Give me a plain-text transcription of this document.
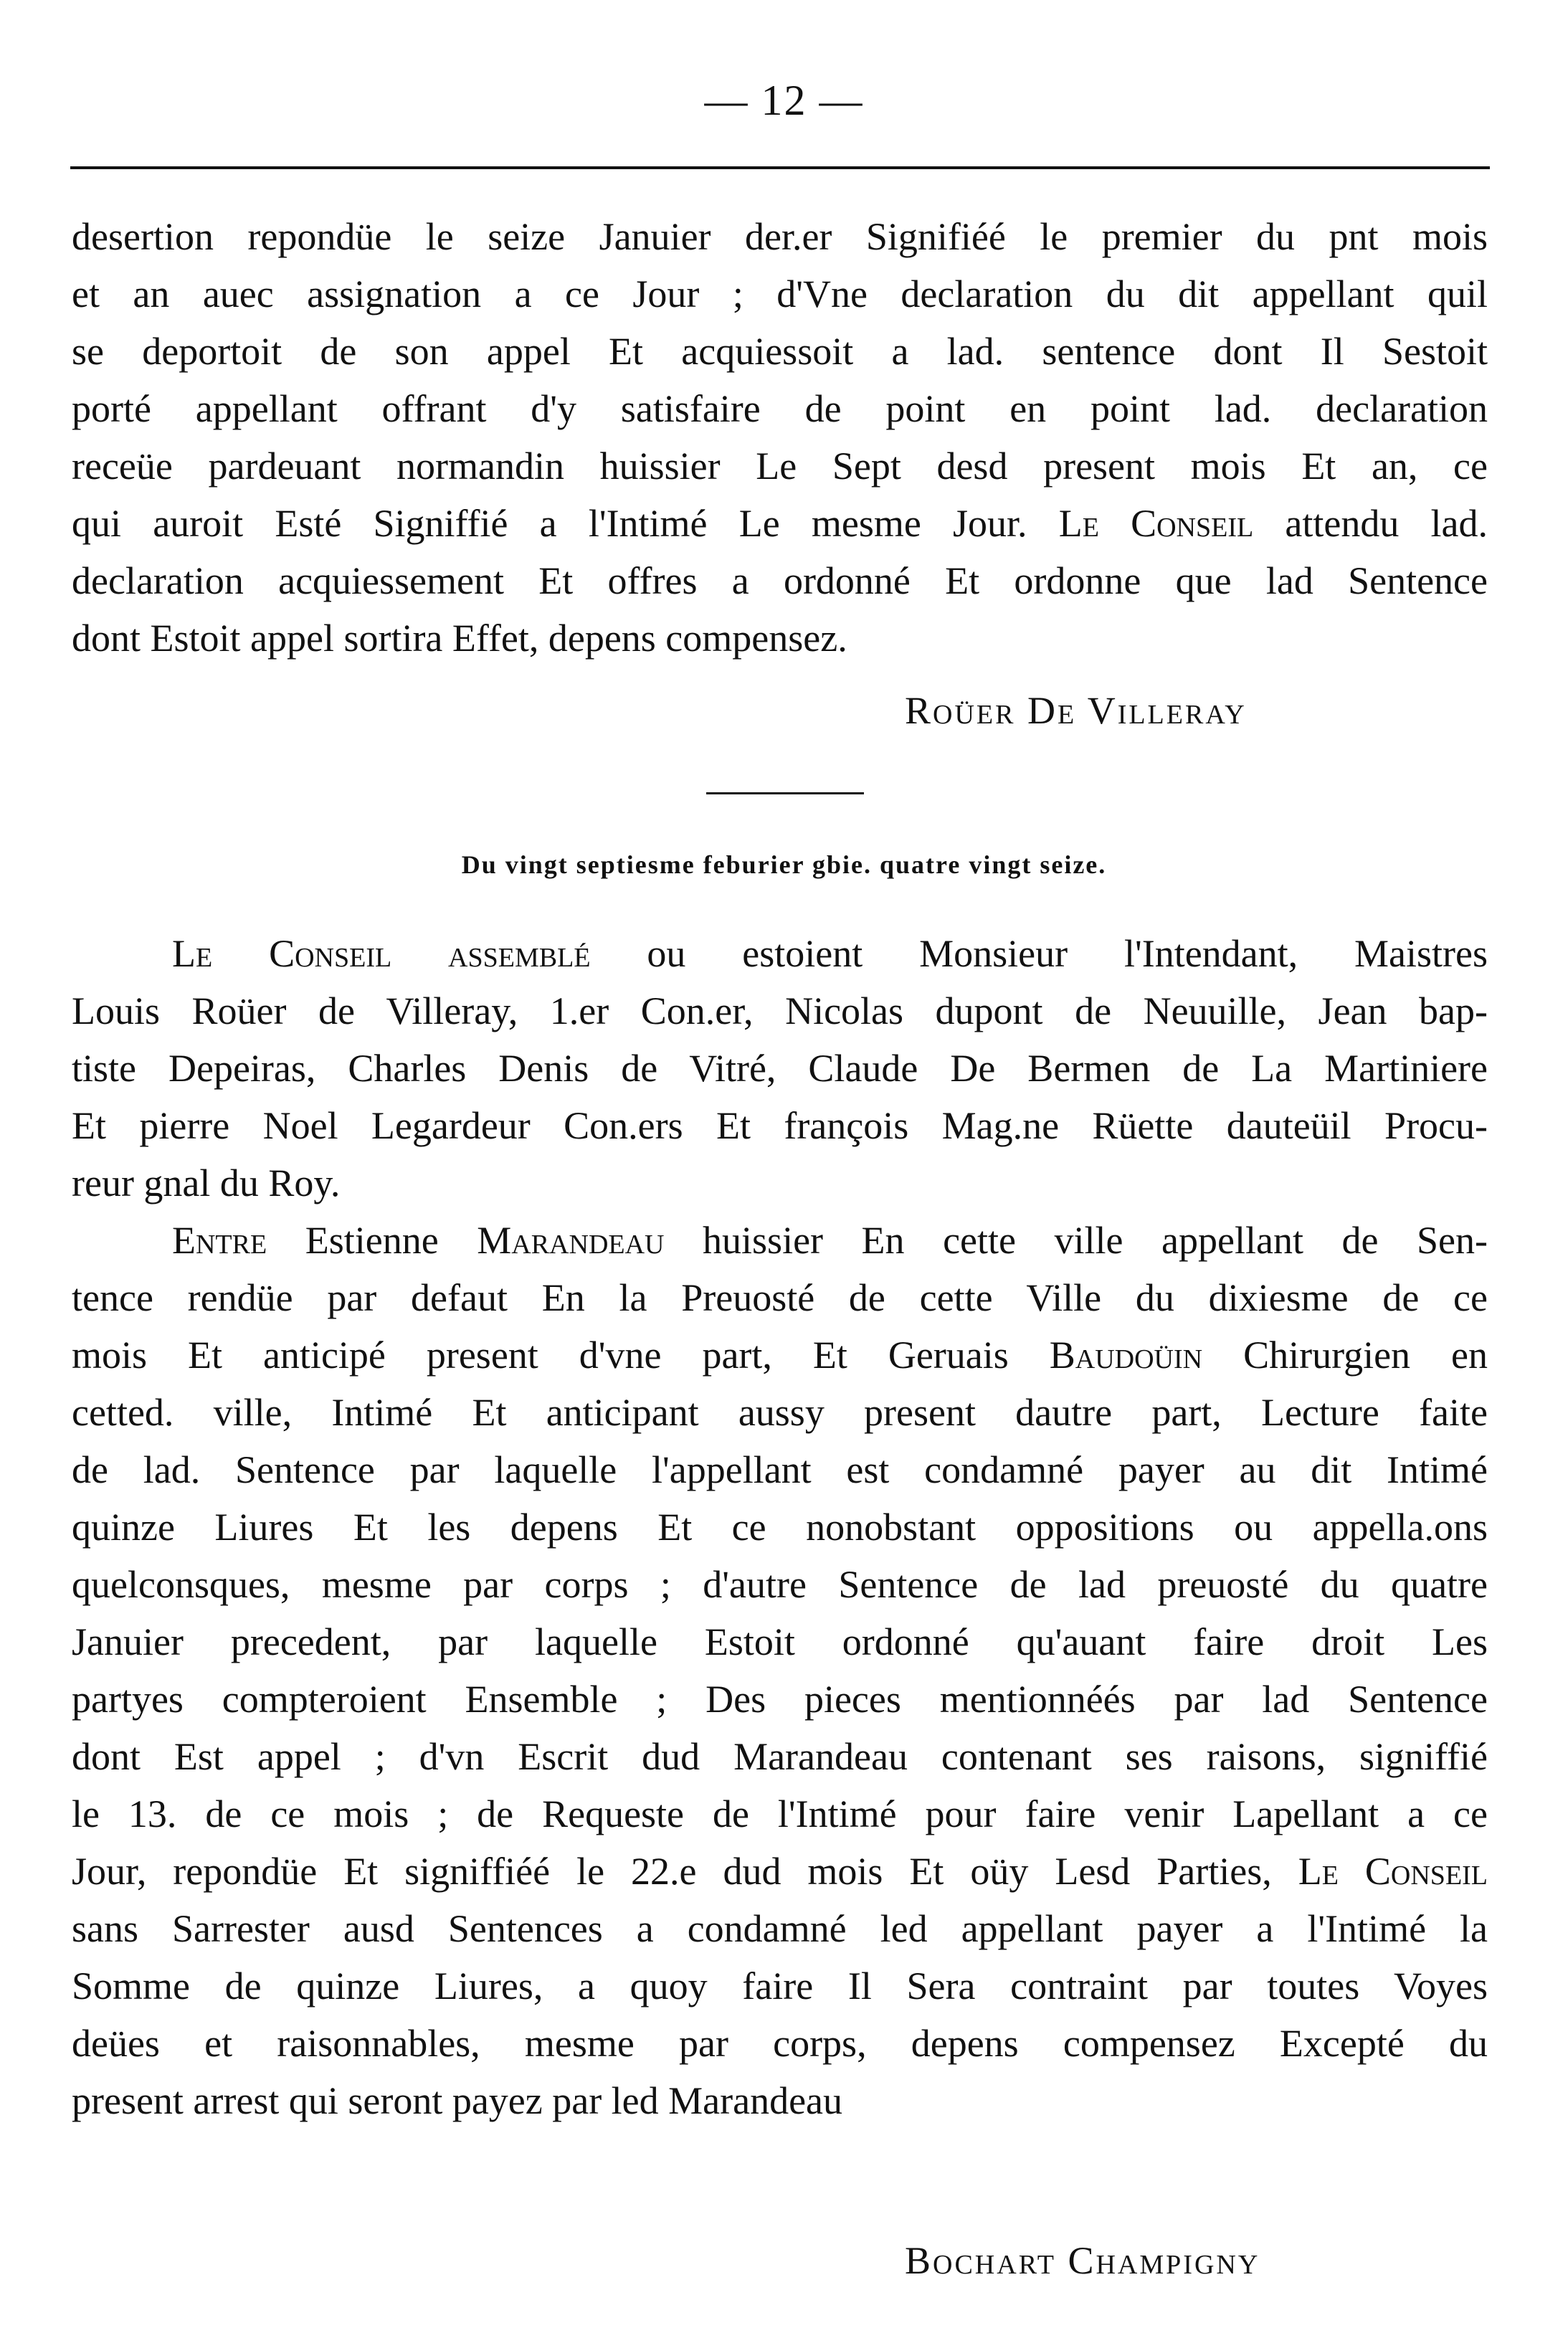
— 12 —
desertion repondüe le seize Januier der.er Signifiéé le premier du pnt mois
et an auec assignation a ce Jour ; d'Vne declaration du dit appellant quil
se deportoit de son appel Et acquiessoit a lad. sentence dont Il Sestoit
porté appellant offrant d'y satisfaire de point en point lad. declaration
receüe pardeuant normandin huissier Le Sept desd present mois Et an, ce
qui auroit Esté Signiffié a l'Intimé Le mesme Jour. Le Conseil attendu lad.
declaration acquiessement Et offres a ordonné Et ordonne que lad Sentence
dont Estoit appel sortira Effet, depens compensez.
Roüer De Villeray
Du vingt septiesme feburier gbie. quatre vingt seize.
Le Conseil assemblé ou estoient Monsieur l'Intendant, Maistres
Louis Roüer de Villeray, 1.er Con.er, Nicolas dupont de Neuuille, Jean bap-
tiste Depeiras, Charles Denis de Vitré, Claude De Bermen de La Martiniere
Et pierre Noel Legardeur Con.ers Et françois Mag.ne Rüette dauteüil Procu-
reur gnal du Roy.
Entre Estienne Marandeau huissier En cette ville appellant de Sen-
tence rendüe par defaut En la Preuosté de cette Ville du dixiesme de ce
mois Et anticipé present d'vne part, Et Geruais Baudoüin Chirurgien en
cetted. ville, Intimé Et anticipant aussy present dautre part, Lecture faite
de lad. Sentence par laquelle l'appellant est condamné payer au dit Intimé
quinze Liures Et les depens Et ce nonobstant oppositions ou appella.ons
quelconsques, mesme par corps ; d'autre Sentence de lad preuosté du quatre
Januier precedent, par laquelle Estoit ordonné qu'auant faire droit Les
partyes compteroient Ensemble ; Des pieces mentionnéés par lad Sentence
dont Est appel ; d'vn Escrit dud Marandeau contenant ses raisons, signiffié
le 13. de ce mois ; de Requeste de l'Intimé pour faire venir Lapellant a ce
Jour, repondüe Et signiffiéé le 22.e dud mois Et oüy Lesd Parties, Le Conseil
sans Sarrester ausd Sentences a condamné led appellant payer a l'Intimé la
Somme de quinze Liures, a quoy faire Il Sera contraint par toutes Voyes
deües et raisonnables, mesme par corps, depens compensez Excepté du
present arrest qui seront payez par led Marandeau
Bochart Champigny
